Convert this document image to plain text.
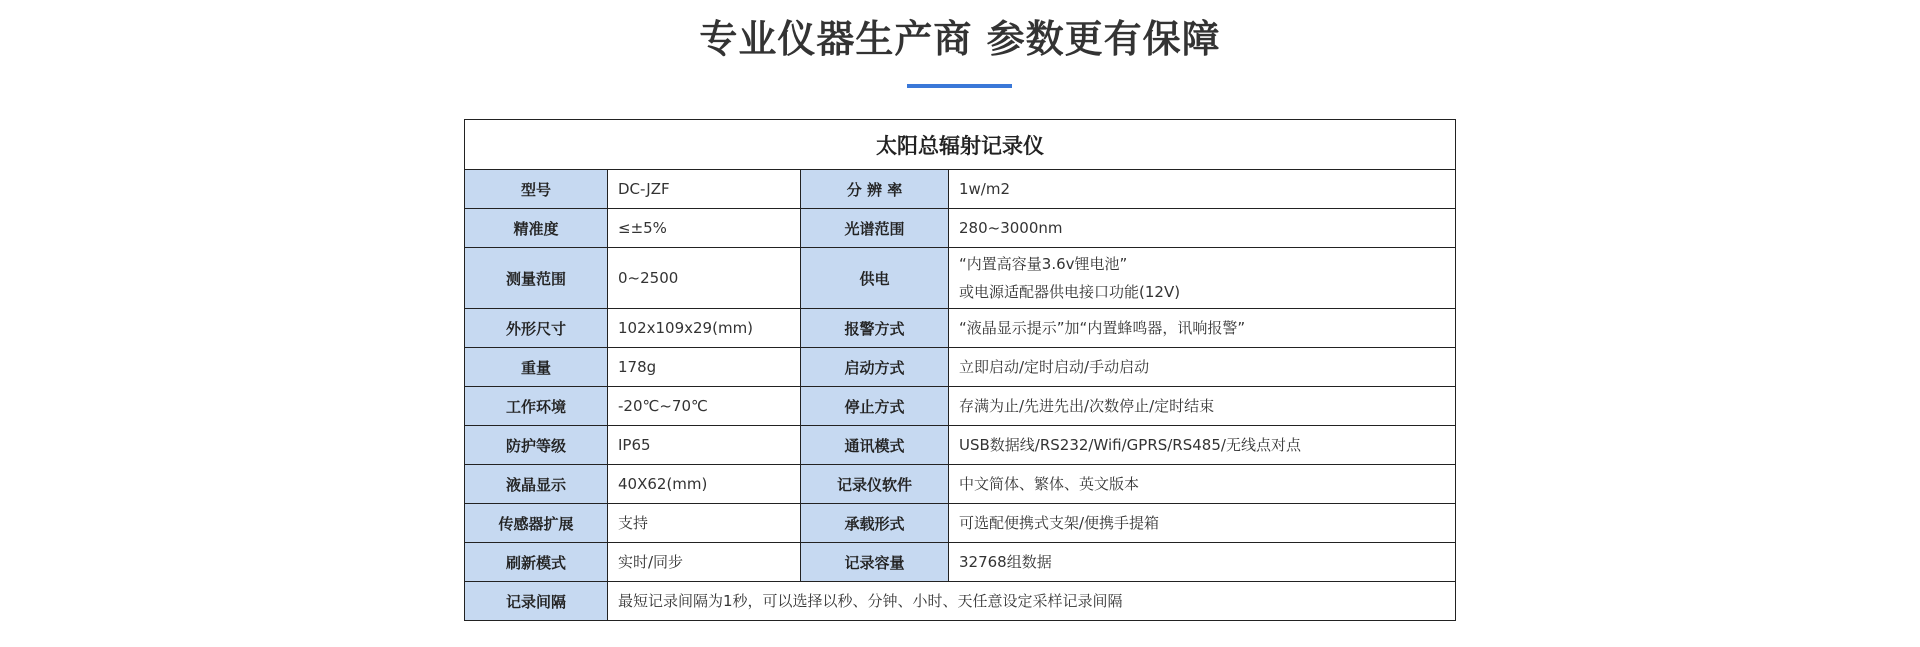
专业仪器生产商 参数更有保障
太阳总辐射记录仪			
型号	DC-JZF	分 辨 率	1w/m2
精准度	≤±5%	光谱范围	280~3000nm
测量范围	0~2500	供电	“内置高容量3.6v锂电池”
或电源适配器供电接口功能(12V)

外形尺寸	102x109x29(mm)	报警方式	“液晶显示提示”加“内置蜂鸣器，讯响报警”
重量	178g	启动方式	立即启动/定时启动/手动启动
工作环境	-20℃~70℃	停止方式	存满为止/先进先出/次数停止/定时结束
防护等级	IP65	通讯模式	USB数据线/RS232/Wifi/GPRS/RS485/无线点对点
液晶显示	40X62(mm)	记录仪软件	中文简体、繁体、英文版本
传感器扩展	支持	承载形式	可选配便携式支架/便携手提箱
刷新模式	实时/同步	记录容量	32768组数据
记录间隔	最短记录间隔为1秒，可以选择以秒、分钟、小时、天任意设定采样记录间隔		
